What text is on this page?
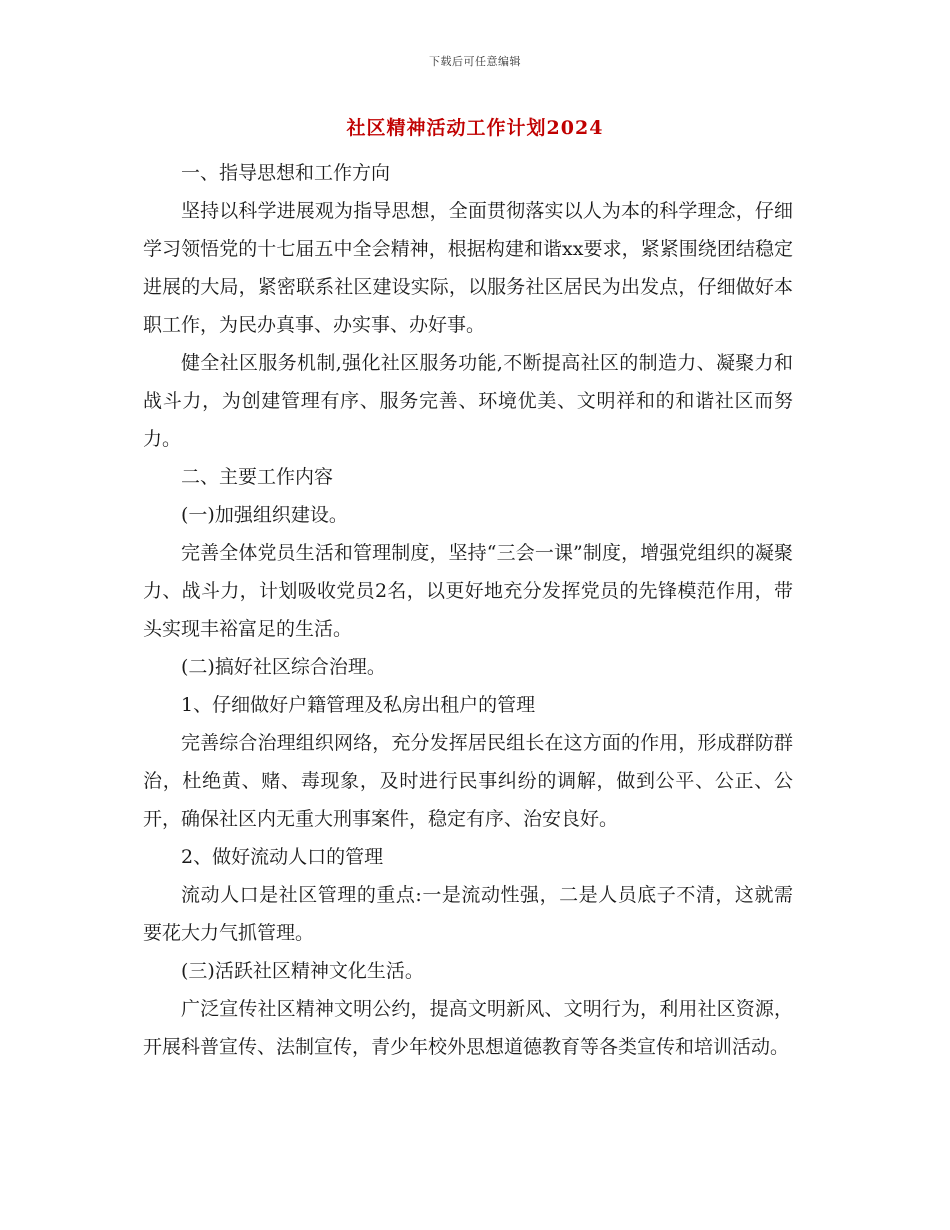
下载后可任意编辑
社区精神活动工作计划2024

一、指导思想和工作方向

坚持以科学进展观为指导思想，全面贯彻落实以人为本的科学理念，仔细学习领悟党的十七届五中全会精神，根据构建和谐xx要求，紧紧围绕团结稳定进展的大局，紧密联系社区建设实际，以服务社区居民为出发点，仔细做好本职工作，为民办真事、办实事、办好事。

健全社区服务机制,强化社区服务功能,不断提高社区的制造力、凝聚力和战斗力，为创建管理有序、服务完善、环境优美、文明祥和的和谐社区而努力。

二、主要工作内容

(一)加强组织建设。

完善全体党员生活和管理制度，坚持“三会一课”制度，增强党组织的凝聚力、战斗力，计划吸收党员2名，以更好地充分发挥党员的先锋模范作用，带头实现丰裕富足的生活。

(二)搞好社区综合治理。

1、仔细做好户籍管理及私房出租户的管理

完善综合治理组织网络，充分发挥居民组长在这方面的作用，形成群防群治，杜绝黄、赌、毒现象，及时进行民事纠纷的调解，做到公平、公正、公开，确保社区内无重大刑事案件，稳定有序、治安良好。

2、做好流动人口的管理

流动人口是社区管理的重点:一是流动性强，二是人员底子不清，这就需要花大力气抓管理。

(三)活跃社区精神文化生活。

广泛宣传社区精神文明公约，提高文明新风、文明行为，利用社区资源，开展科普宣传、法制宣传，青少年校外思想道德教育等各类宣传和培训活动。
